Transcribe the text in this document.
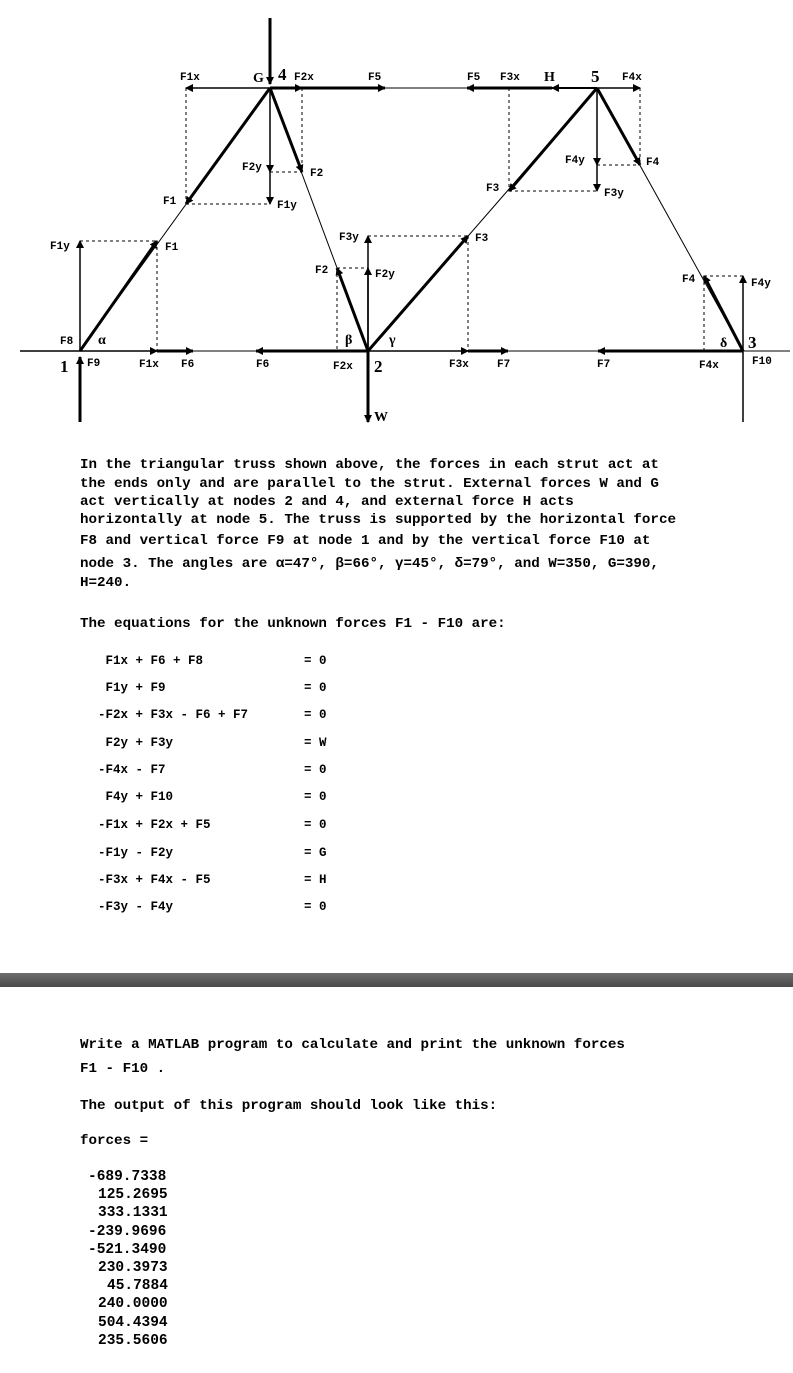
1	2
3
4	5
G	H
W
α	β	γ	δ
F1x	F2x	F5	F5 F3x	F4x
F2y	F2
F1	F1y
F4y	F4
F3	F3y
F1y	F1
F3y	F3
F2	F2y	F4	F4y
F8
F9	F1x F6	F6	F2x	F3x	F7	F7	F4x	F10

In the triangular truss shown above, the forces in each strut act at

the ends only and are parallel to the strut. External forces W and G

act vertically at nodes 2 and 4, and external force H acts

horizontally at node 5. The truss is supported by the horizontal force

F8 and vertical force F9 at node 1 and by the vertical force F10 at

node 3. The angles are α=47°, β=66°, γ=45°, δ=79°, and W=350, G=390,

H=240.

The equations for the unknown forces F1 - F10 are:

F1x + F6 + F8	= 0
F1y + F9	= 0
-F2x + F3x - F6 + F7	= 0
F2y + F3y	= W
-F4x - F7	= 0
F4y + F10	= 0
-F1x + F2x + F5	= 0
-F1y - F2y	= G
-F3x + F4x - F5	= H
-F3y - F4y	= 0

Write a MATLAB program to calculate and print the unknown forces

F1 - F10 .

The output of this program should look like this:

forces =

-689.7338
125.2695
333.1331
-239.9696
-521.3490
230.3973
45.7884
240.0000
504.4394
235.5606
